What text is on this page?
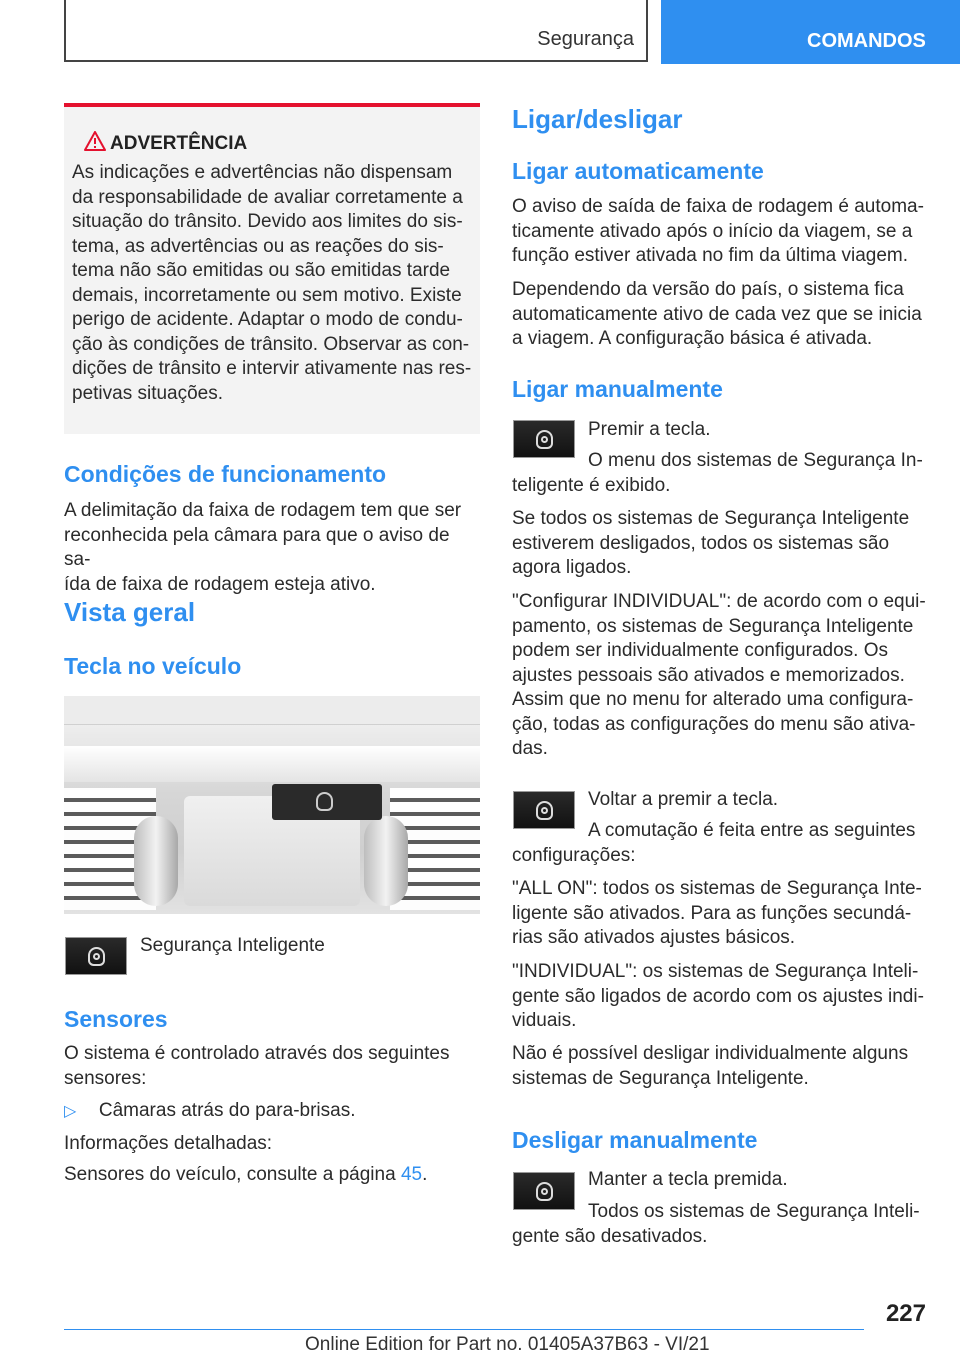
Segurança	COMANDOS
ADVERTÊNCIA

As indicações e advertências não dispensam
da responsabilidade de avaliar corretamente a
situação do trânsito. Devido aos limites do sis-
tema, as advertências ou as reações do sis-
tema não são emitidas ou são emitidas tarde
demais, incorretamente ou sem motivo. Existe
perigo de acidente. Adaptar o modo de condu-
ção às condições de trânsito. Observar as con-
dições de trânsito e intervir ativamente nas res-
petivas situações.

Condições de funcionamento

A delimitação da faixa de rodagem tem que ser
reconhecida pela câmara para que o aviso de sa-
ída de faixa de rodagem esteja ativo.

Vista geral
Tecla no veículo

Segurança Inteligente

Sensores

O sistema é controlado através dos seguintes
sensores:

▷ Câmaras atrás do para-brisas.

Informações detalhadas:

Sensores do veículo, consulte a página 45.

Ligar/desligar
Ligar automaticamente

O aviso de saída de faixa de rodagem é automa-
ticamente ativado após o início da viagem, se a
função estiver ativada no fim da última viagem.

Dependendo da versão do país, o sistema fica
automaticamente ativo de cada vez que se inicia
a viagem. A configuração básica é ativada.

Ligar manualmente

Premir a tecla.

O menu dos sistemas de Segurança In-

teligente é exibido.

Se todos os sistemas de Segurança Inteligente
estiverem desligados, todos os sistemas são
agora ligados.

"Configurar INDIVIDUAL": de acordo com o equi-
pamento, os sistemas de Segurança Inteligente
podem ser individualmente configurados. Os
ajustes pessoais são ativados e memorizados.
Assim que no menu for alterado uma configura-
ção, todas as configurações do menu são ativa-
das.

Voltar a premir a tecla.

A comutação é feita entre as seguintes

configurações:

"ALL ON": todos os sistemas de Segurança Inte-
ligente são ativados. Para as funções secundá-
rias são ativados ajustes básicos.

"INDIVIDUAL": os sistemas de Segurança Inteli-
gente são ligados de acordo com os ajustes indi-
viduais.

Não é possível desligar individualmente alguns
sistemas de Segurança Inteligente.

Desligar manualmente

Manter a tecla premida.

Todos os sistemas de Segurança Inteli-

gente são desativados.

227
Online Edition for Part no. 01405A37B63 - VI/21
